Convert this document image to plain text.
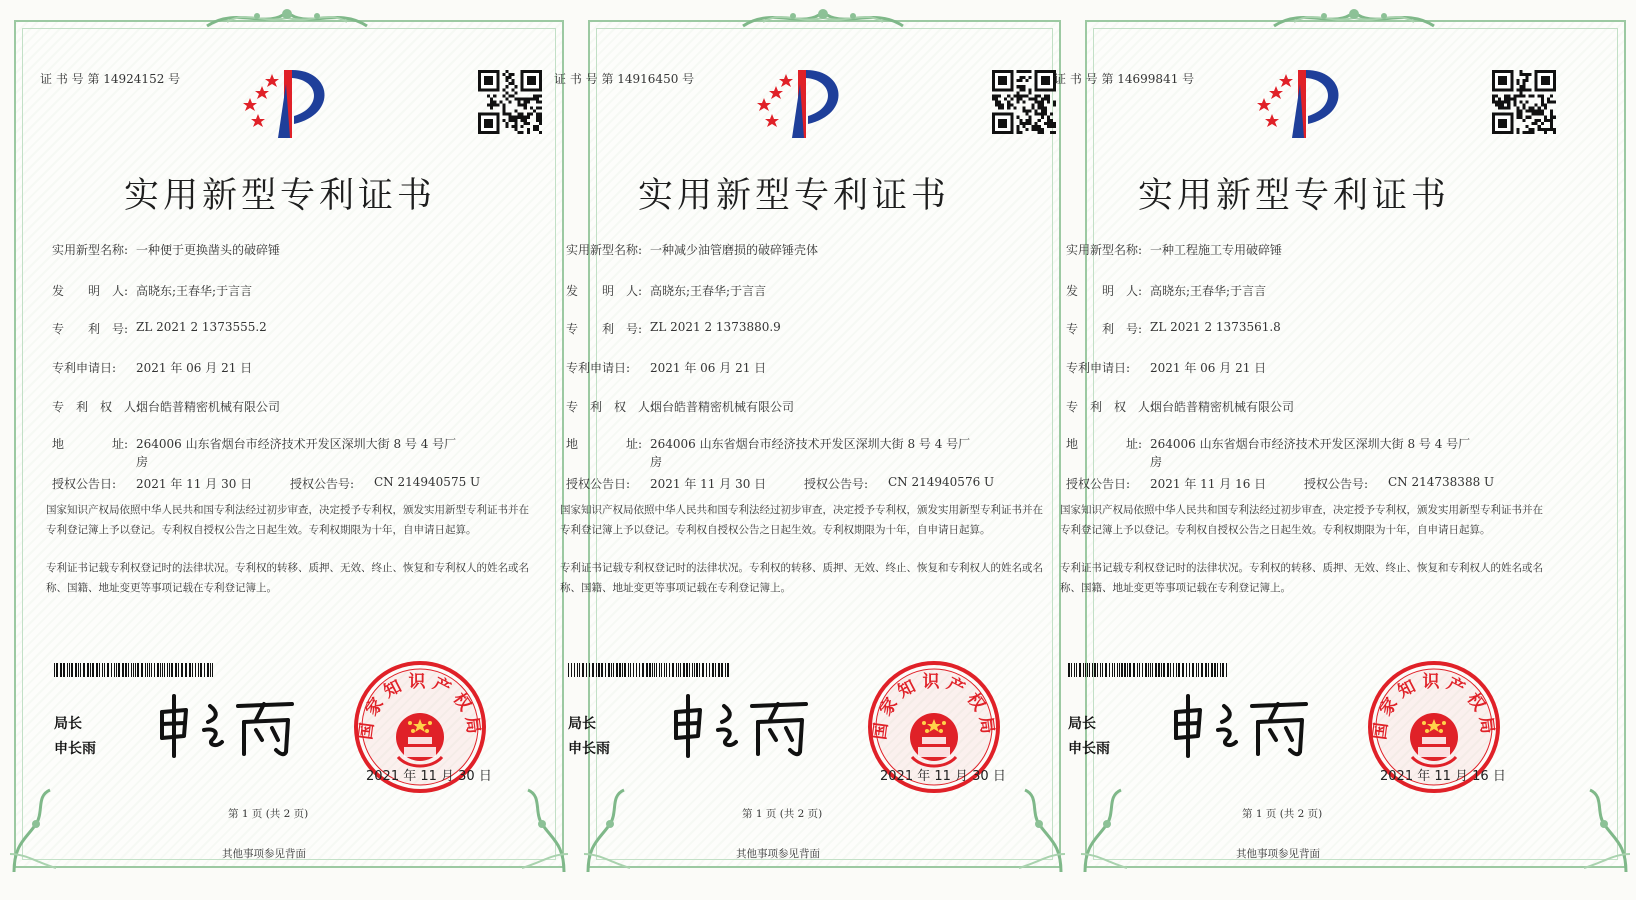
证 书 号 第 14924152 号
实用新型专利证书
实用新型名称: 一种便于更换凿头的破碎锤
发　　明　人: 高晓东;王春华;于言言
专　　利　号: ZL 2021 2 1373555.2
专利申请日: 2021 年 06 月 21 日
专　利　权　人:
烟台皓普精密机械有限公司
地　　　　址: 264006 山东省烟台市经济技术开发区深圳大街 8 号 4 号厂
房
授权公告日: 2021 年 11 月 30 日	授权公告号: CN 214940575 U
国家知识产权局依照中华人民共和国专利法经过初步审查，决定授予专利权，颁发实用新型专利证书并在专利登记簿上予以登记。专利权自授权公告之日起生效。专利权期限为十年，自申请日起算。
专利证书记载专利权登记时的法律状况。专利权的转移、质押、无效、终止、恢复和专利权人的姓名或名称、国籍、地址变更等事项记载在专利登记簿上。
局长
申长雨
国家知识产权局
2021 年 11 月 30 日
第 1 页 (共 2 页)
其他事项参见背面
证 书 号 第 14916450 号
实用新型专利证书
实用新型名称: 一种减少油管磨损的破碎锤壳体
发　　明　人: 高晓东;王春华;于言言
专　　利　号: ZL 2021 2 1373880.9
专利申请日: 2021 年 06 月 21 日
专　利　权　人:
烟台皓普精密机械有限公司
地　　　　址: 264006 山东省烟台市经济技术开发区深圳大街 8 号 4 号厂
房
授权公告日: 2021 年 11 月 30 日	授权公告号: CN 214940576 U
国家知识产权局依照中华人民共和国专利法经过初步审查，决定授予专利权，颁发实用新型专利证书并在专利登记簿上予以登记。专利权自授权公告之日起生效。专利权期限为十年，自申请日起算。
专利证书记载专利权登记时的法律状况。专利权的转移、质押、无效、终止、恢复和专利权人的姓名或名称、国籍、地址变更等事项记载在专利登记簿上。
局长
申长雨
国家知识产权局
2021 年 11 月 30 日
第 1 页 (共 2 页)
其他事项参见背面
证 书 号 第 14699841 号
实用新型专利证书
实用新型名称: 一种工程施工专用破碎锤
发　　明　人: 高晓东;王春华;于言言
专　　利　号: ZL 2021 2 1373561.8
专利申请日: 2021 年 06 月 21 日
专　利　权　人:
烟台皓普精密机械有限公司
地　　　　址: 264006 山东省烟台市经济技术开发区深圳大街 8 号 4 号厂
房
授权公告日: 2021 年 11 月 16 日	授权公告号: CN 214738388 U
国家知识产权局依照中华人民共和国专利法经过初步审查，决定授予专利权，颁发实用新型专利证书并在专利登记簿上予以登记。专利权自授权公告之日起生效。专利权期限为十年，自申请日起算。
专利证书记载专利权登记时的法律状况。专利权的转移、质押、无效、终止、恢复和专利权人的姓名或名称、国籍、地址变更等事项记载在专利登记簿上。
局长
申长雨
国家知识产权局
2021 年 11 月 16 日
第 1 页 (共 2 页)
其他事项参见背面
